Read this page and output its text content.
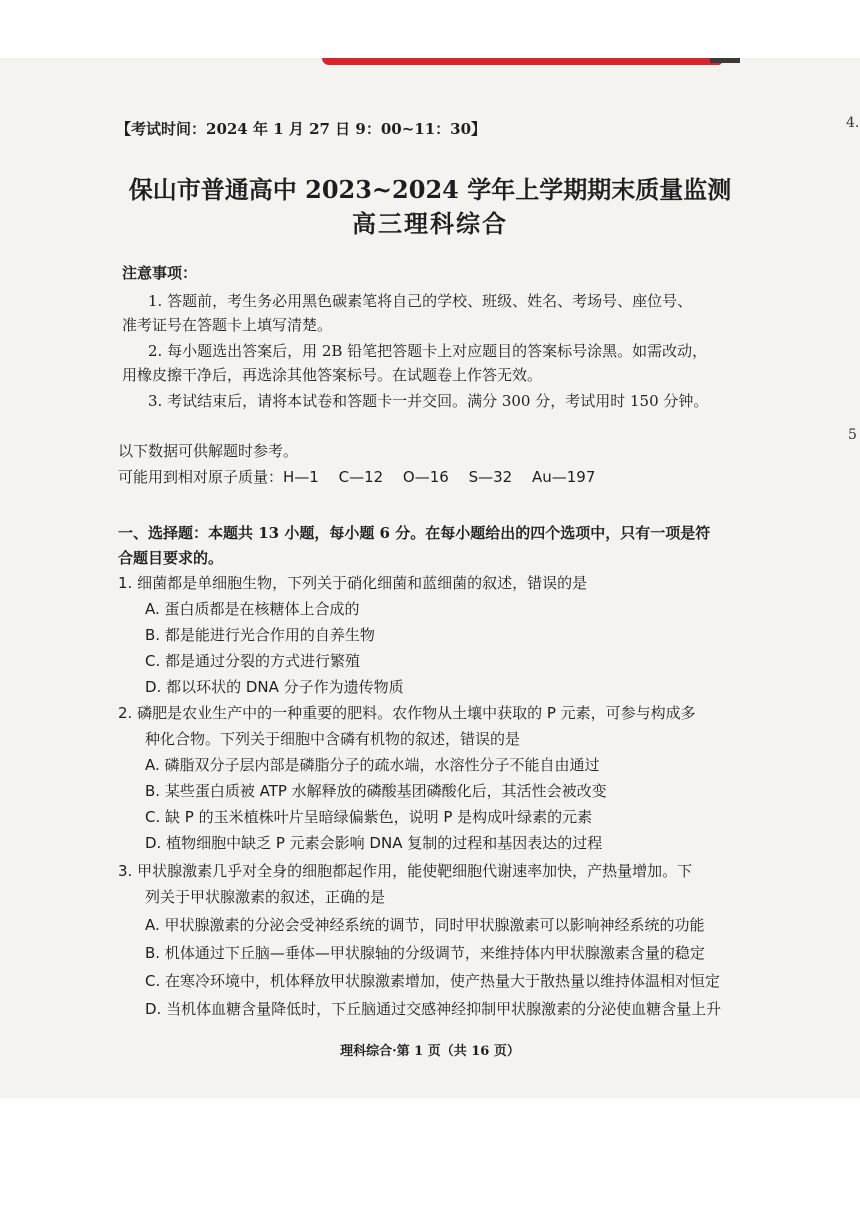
4.
5
【考试时间：2024 年 1 月 27 日 9：00~11：30】
保山市普通高中 2023~2024 学年上学期期末质量监测
高三理科综合
注意事项：
1. 答题前，考生务必用黑色碳素笔将自己的学校、班级、姓名、考场号、座位号、
准考证号在答题卡上填写清楚。
2. 每小题选出答案后，用 2B 铅笔把答题卡上对应题目的答案标号涂黑。如需改动，
用橡皮擦干净后，再选涂其他答案标号。在试题卷上作答无效。
3. 考试结束后，请将本试卷和答题卡一并交回。满分 300 分，考试用时 150 分钟。
以下数据可供解题时参考。
可能用到相对原子质量：H—1　 C—12　 O—16　 S—32　 Au—197
一、选择题：本题共 13 小题，每小题 6 分。在每小题给出的四个选项中，只有一项是符
合题目要求的。
1. 细菌都是单细胞生物，下列关于硝化细菌和蓝细菌的叙述，错误的是
A. 蛋白质都是在核糖体上合成的
B. 都是能进行光合作用的自养生物
C. 都是通过分裂的方式进行繁殖
D. 都以环状的 DNA 分子作为遗传物质
2. 磷肥是农业生产中的一种重要的肥料。农作物从土壤中获取的 P 元素，可参与构成多
种化合物。下列关于细胞中含磷有机物的叙述，错误的是
A. 磷脂双分子层内部是磷脂分子的疏水端，水溶性分子不能自由通过
B. 某些蛋白质被 ATP 水解释放的磷酸基团磷酸化后，其活性会被改变
C. 缺 P 的玉米植株叶片呈暗绿偏紫色，说明 P 是构成叶绿素的元素
D. 植物细胞中缺乏 P 元素会影响 DNA 复制的过程和基因表达的过程
3. 甲状腺激素几乎对全身的细胞都起作用，能使靶细胞代谢速率加快，产热量增加。下
列关于甲状腺激素的叙述，正确的是
A. 甲状腺激素的分泌会受神经系统的调节，同时甲状腺激素可以影响神经系统的功能
B. 机体通过下丘脑—垂体—甲状腺轴的分级调节，来维持体内甲状腺激素含量的稳定
C. 在寒冷环境中，机体释放甲状腺激素增加，使产热量大于散热量以维持体温相对恒定
D. 当机体血糖含量降低时，下丘脑通过交感神经抑制甲状腺激素的分泌使血糖含量上升
理科综合·第 1 页（共 16 页）
